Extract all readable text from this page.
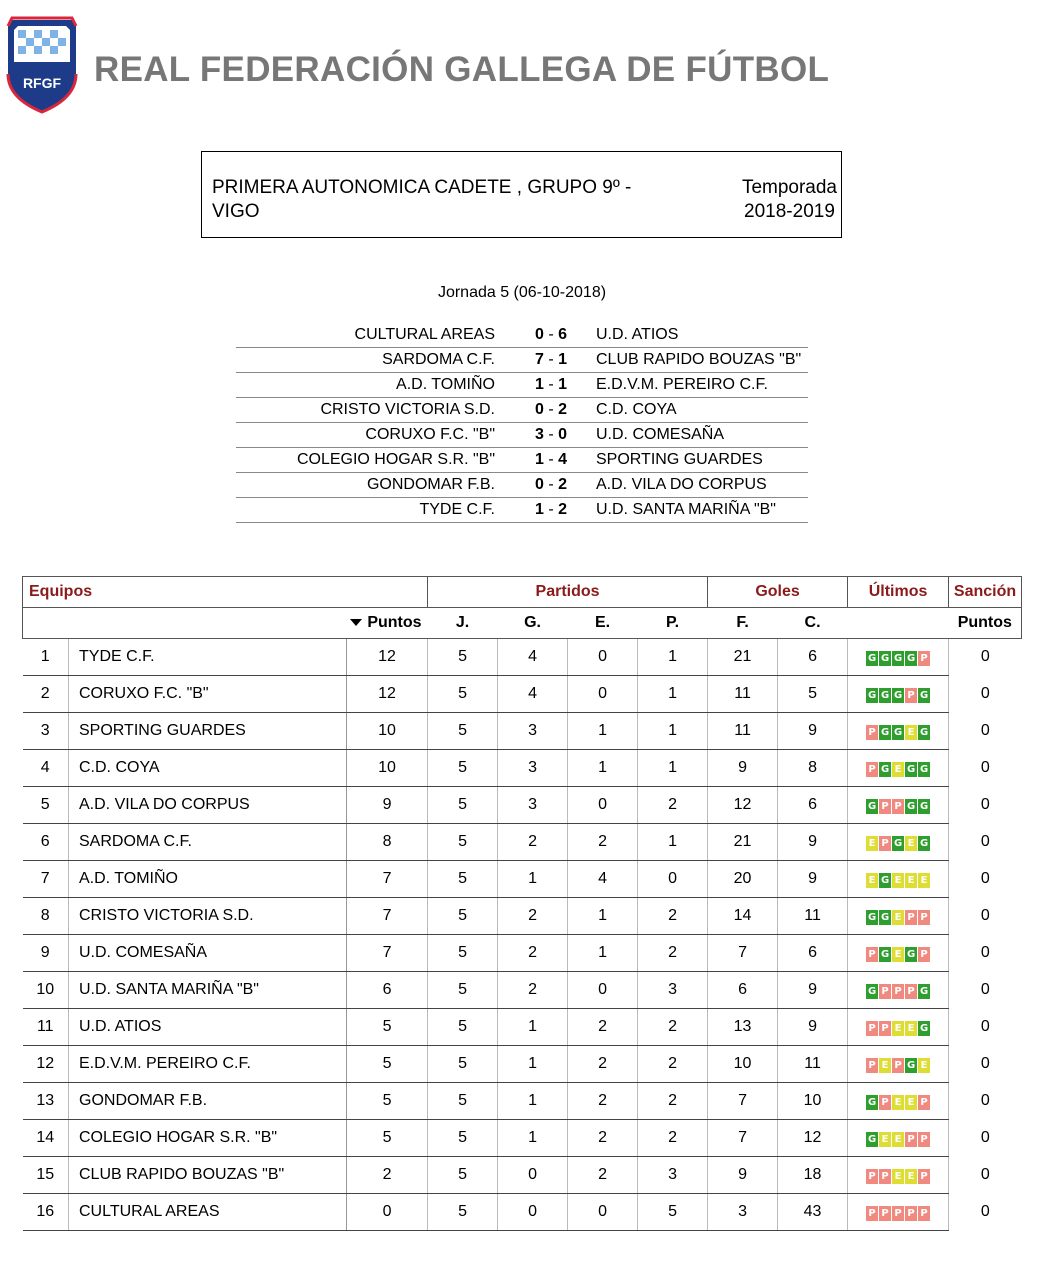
RFGF REAL FEDERACIÓN GALLEGA DE FÚTBOL
PRIMERA AUTONOMICA CADETE , GRUPO 9º - VIGO
Temporada
2018-2019
Jornada 5 (06-10-2018)
CULTURAL AREAS	0 - 6	U.D. ATIOS
SARDOMA C.F.	7 - 1	CLUB RAPIDO BOUZAS "B"
A.D. TOMIÑO	1 - 1	E.D.V.M. PEREIRO C.F.
CRISTO VICTORIA S.D.	0 - 2	C.D. COYA
CORUXO F.C. "B"	3 - 0	U.D. COMESAÑA
COLEGIO HOGAR S.R. "B"	1 - 4	SPORTING GUARDES
GONDOMAR F.B.	0 - 2	A.D. VILA DO CORPUS
TYDE C.F.	1 - 2	U.D. SANTA MARIÑA "B"
Equipos			Partidos				Goles		Últimos	Sanción
		Puntos	J.	G.	E.	P.	F.	C.		Puntos
1	TYDE C.F.	12	5	4	0	1	21	6	G G G G P	0
2	CORUXO F.C. "B"	12	5	4	0	1	11	5	G G G P G	0
3	SPORTING GUARDES	10	5	3	1	1	11	9	P G G E G	0
4	C.D. COYA	10	5	3	1	1	9	8	P G E G G	0
5	A.D. VILA DO CORPUS	9	5	3	0	2	12	6	G P P G G	0
6	SARDOMA C.F.	8	5	2	2	1	21	9	E P G E G	0
7	A.D. TOMIÑO	7	5	1	4	0	20	9	E G E E E	0
8	CRISTO VICTORIA S.D.	7	5	2	1	2	14	11	G G E P P	0
9	U.D. COMESAÑA	7	5	2	1	2	7	6	P G E G P	0
10	U.D. SANTA MARIÑA "B"	6	5	2	0	3	6	9	G P P P G	0
11	U.D. ATIOS	5	5	1	2	2	13	9	P P E E G	0
12	E.D.V.M. PEREIRO C.F.	5	5	1	2	2	10	11	P E P G E	0
13	GONDOMAR F.B.	5	5	1	2	2	7	10	G P E E P	0
14	COLEGIO HOGAR S.R. "B"	5	5	1	2	2	7	12	G E E P P	0
15	CLUB RAPIDO BOUZAS "B"	2	5	0	2	3	9	18	P P E E P	0
16	CULTURAL AREAS	0	5	0	0	5	3	43	P P P P P	0
